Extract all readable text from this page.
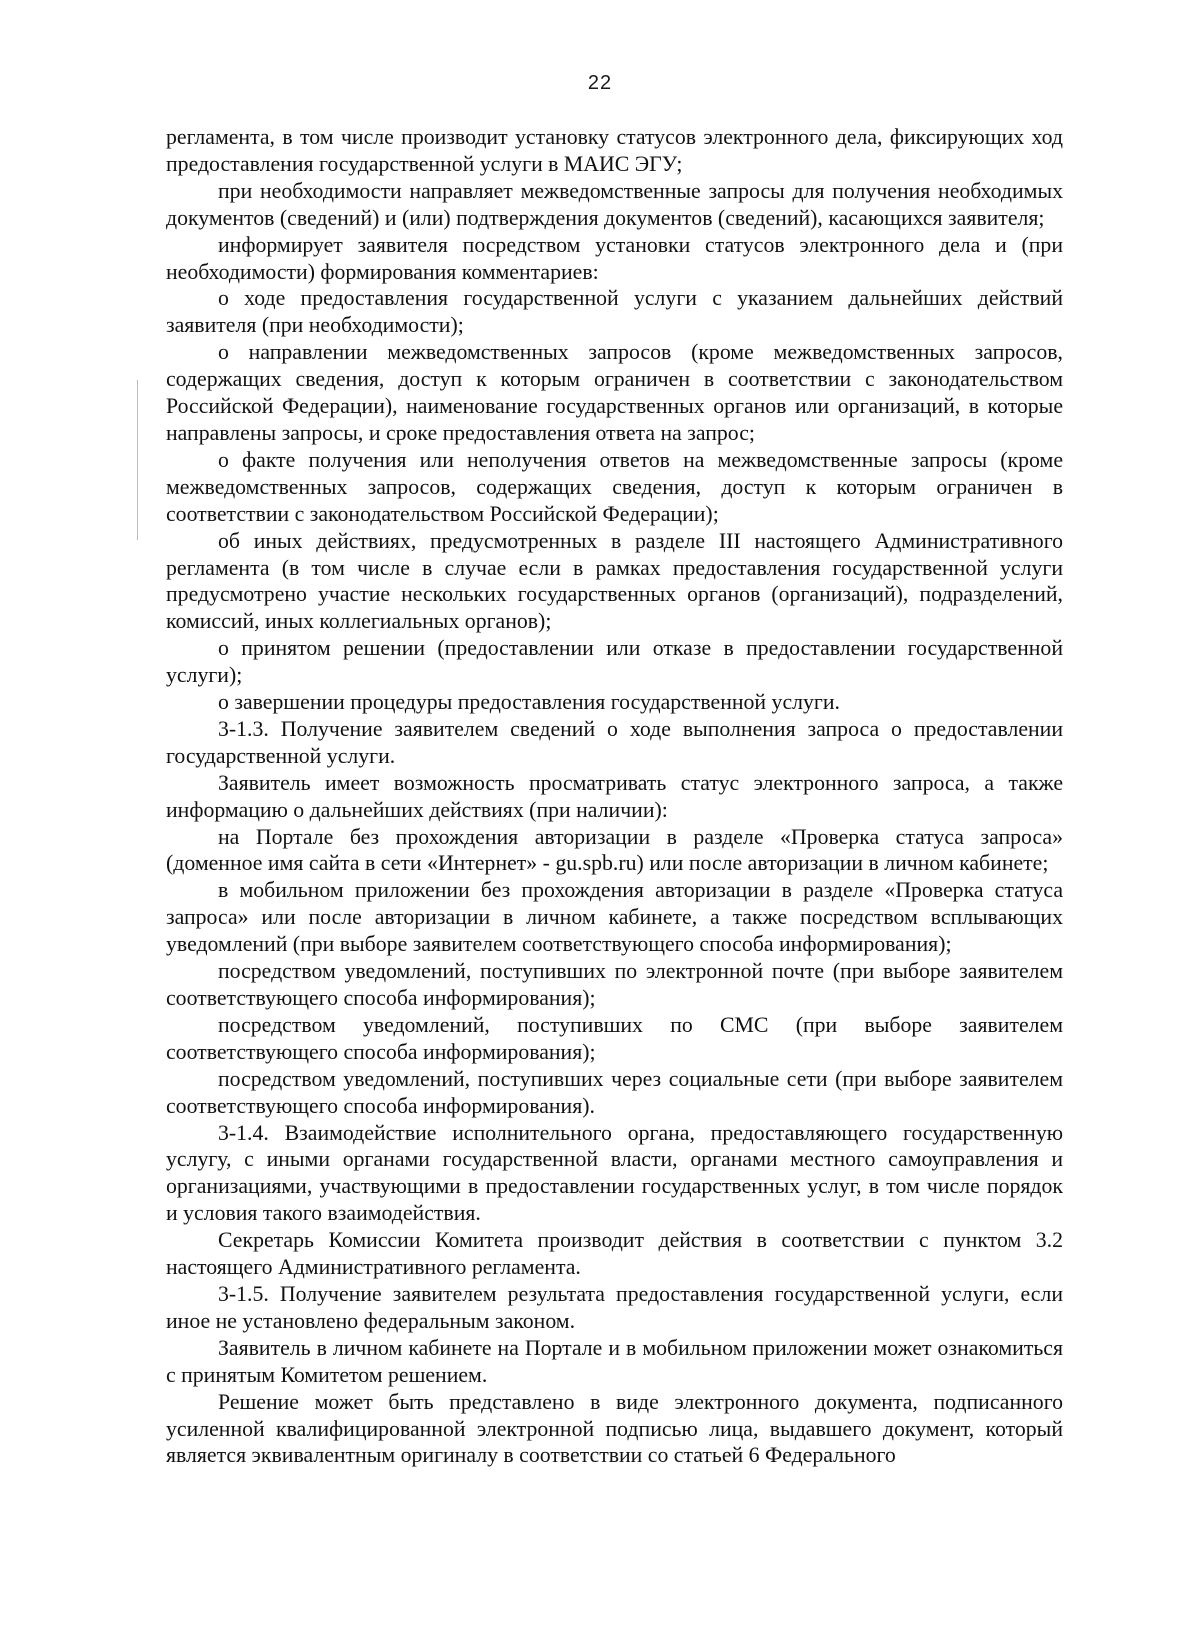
22

регламента, в том числе производит установку статусов электронного дела, фиксирующих ход предоставления государственной услуги в МАИС ЭГУ;

при необходимости направляет межведомственные запросы для получения необходимых документов (сведений) и (или) подтверждения документов (сведений), касающихся заявителя;

информирует заявителя посредством установки статусов электронного дела и (при необходимости) формирования комментариев:

о ходе предоставления государственной услуги с указанием дальнейших действий заявителя (при необходимости);

о направлении межведомственных запросов (кроме межведомственных запросов, содержащих сведения, доступ к которым ограничен в соответствии с законодательством Российской Федерации), наименование государственных органов или организаций, в которые направлены запросы, и сроке предоставления ответа на запрос;

о факте получения или неполучения ответов на межведомственные запросы (кроме межведомственных запросов, содержащих сведения, доступ к которым ограничен в соответствии с законодательством Российской Федерации);

об иных действиях, предусмотренных в разделе III настоящего Административного регламента (в том числе в случае если в рамках предоставления государственной услуги предусмотрено участие нескольких государственных органов (организаций), подразделений, комиссий, иных коллегиальных органов);

о принятом решении (предоставлении или отказе в предоставлении государственной услуги);

о завершении процедуры предоставления государственной услуги.

3-1.3. Получение заявителем сведений о ходе выполнения запроса о предоставлении государственной услуги.

Заявитель имеет возможность просматривать статус электронного запроса, а также информацию о дальнейших действиях (при наличии):

на Портале без прохождения авторизации в разделе «Проверка статуса запроса» (доменное имя сайта в сети «Интернет» - gu.spb.ru) или после авторизации в личном кабинете;

в мобильном приложении без прохождения авторизации в разделе «Проверка статуса запроса» или после авторизации в личном кабинете, а также посредством всплывающих уведомлений (при выборе заявителем соответствующего способа информирования);

посредством уведомлений, поступивших по электронной почте (при выборе заявителем соответствующего способа информирования);

посредством уведомлений, поступивших по СМС (при выборе заявителем соответствующего способа информирования);

посредством уведомлений, поступивших через социальные сети (при выборе заявителем соответствующего способа информирования).

3-1.4. Взаимодействие исполнительного органа, предоставляющего государственную услугу, с иными органами государственной власти, органами местного самоуправления и организациями, участвующими в предоставлении государственных услуг, в том числе порядок и условия такого взаимодействия.

Секретарь Комиссии Комитета производит действия в соответствии с пунктом 3.2 настоящего Административного регламента.

3-1.5. Получение заявителем результата предоставления государственной услуги, если иное не установлено федеральным законом.

Заявитель в личном кабинете на Портале и в мобильном приложении может ознакомиться с принятым Комитетом решением.

Решение может быть представлено в виде электронного документа, подписанного усиленной квалифицированной электронной подписью лица, выдавшего документ, который является эквивалентным оригиналу в соответствии со статьей 6 Федерального
